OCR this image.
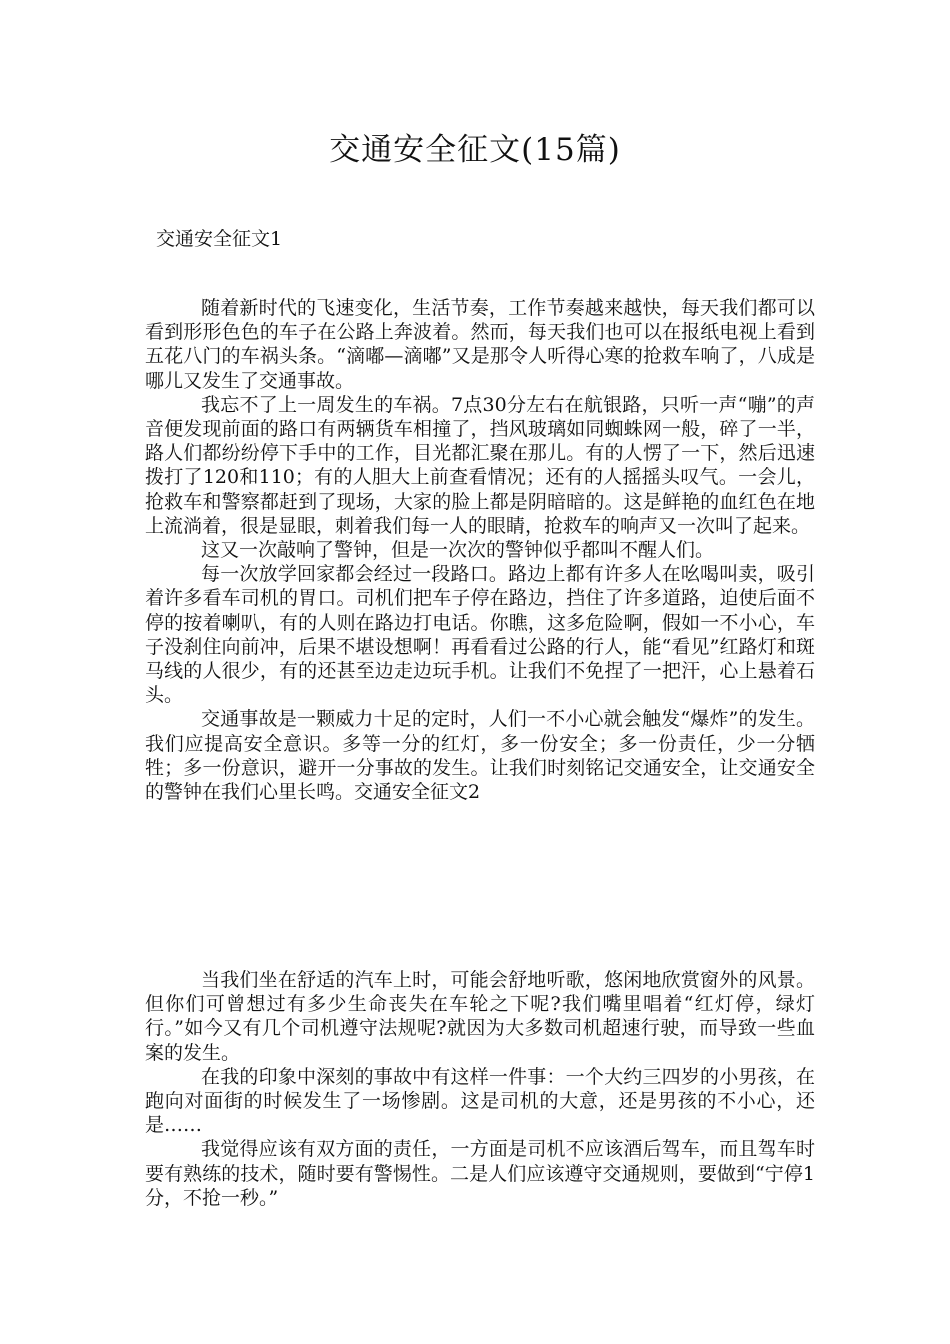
交通安全征文(15篇)
交通安全征文1

随着新时代的飞速变化，生活节奏，工作节奏越来越快，每天我们都可以看到形形色色的车子在公路上奔波着。然而，每天我们也可以在报纸电视上看到五花八门的车祸头条。“滴嘟—滴嘟”又是那令人听得心寒的抢救车响了，八成是哪儿又发生了交通事故。

我忘不了上一周发生的车祸。7点30分左右在航银路，只听一声“嘣”的声音便发现前面的路口有两辆货车相撞了，挡风玻璃如同蜘蛛网一般，碎了一半，路人们都纷纷停下手中的工作，目光都汇聚在那儿。有的人愣了一下，然后迅速拨打了120和110；有的人胆大上前查看情况；还有的人摇摇头叹气。一会儿，抢救车和警察都赶到了现场，大家的脸上都是阴暗暗的。这是鲜艳的血红色在地上流淌着，很是显眼，刺着我们每一人的眼睛，抢救车的响声又一次叫了起来。

这又一次敲响了警钟，但是一次次的警钟似乎都叫不醒人们。

每一次放学回家都会经过一段路口。路边上都有许多人在吆喝叫卖，吸引着许多看车司机的胃口。司机们把车子停在路边，挡住了许多道路，迫使后面不停的按着喇叭，有的人则在路边打电话。你瞧，这多危险啊，假如一不小心，车子没刹住向前冲，后果不堪设想啊！再看看过公路的行人，能“看见”红路灯和斑马线的人很少，有的还甚至边走边玩手机。让我们不免捏了一把汗，心上悬着石头。

交通事故是一颗威力十足的定时，人们一不小心就会触发“爆炸”的发生。我们应提高安全意识。多等一分的红灯，多一份安全；多一份责任，少一分牺牲；多一份意识，避开一分事故的发生。让我们时刻铭记交通安全，让交通安全的警钟在我们心里长鸣。交通安全征文2

当我们坐在舒适的汽车上时，可能会舒地听歌，悠闲地欣赏窗外的风景。但你们可曾想过有多少生命丧失在车轮之下呢?我们嘴里唱着“红灯停，绿灯行。”如今又有几个司机遵守法规呢?就因为大多数司机超速行驶，而导致一些血案的发生。

在我的印象中深刻的事故中有这样一件事：一个大约三四岁的小男孩，在跑向对面街的时候发生了一场惨剧。这是司机的大意，还是男孩的不小心，还是……

我觉得应该有双方面的责任，一方面是司机不应该酒后驾车，而且驾车时要有熟练的技术，随时要有警惕性。二是人们应该遵守交通规则，要做到“宁停1分，不抢一秒。”
